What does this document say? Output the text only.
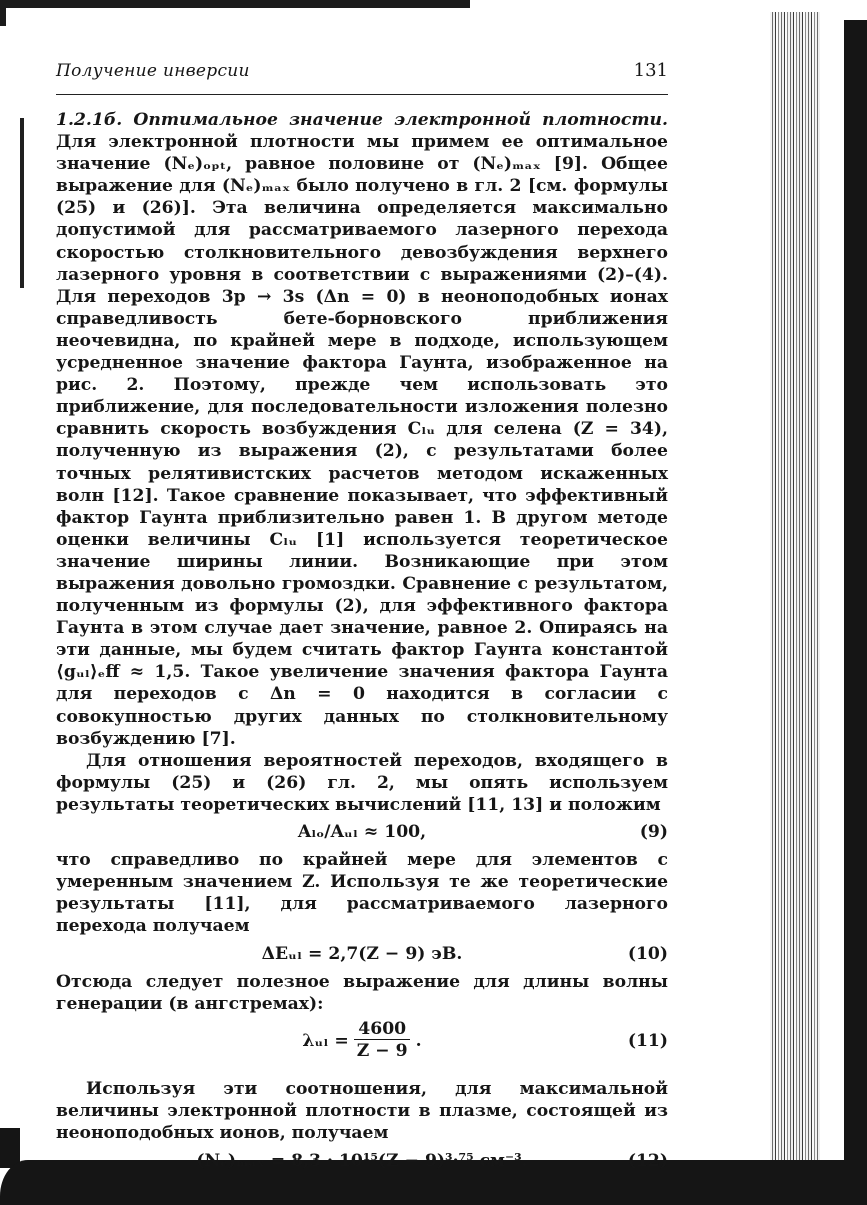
Получение инверсии	131

1.2.1б. Оптимальное значение электронной плотности. Для электронной плотности мы примем ее оптимальное значение (Nₑ)ₒₚₜ, равное половине от (Nₑ)ₘₐₓ [9]. Общее выражение для (Nₑ)ₘₐₓ было получено в гл. 2 [см. формулы (25) и (26)]. Эта величина определяется максимально допустимой для рассматриваемого лазерного перехода скоростью столкновительного девозбуждения верхнего лазерного уровня в соответствии с выражениями (2)–(4). Для переходов 3p → 3s (Δn = 0) в неоноподобных ионах справедливость бете-борновского приближения неочевидна, по крайней мере в подходе, использующем усредненное значение фактора Гаунта, изображенное на рис. 2. Поэтому, прежде чем использовать это приближение, для последовательности изложения полезно сравнить скорость возбуждения Cₗᵤ для селена (Z = 34), полученную из выражения (2), с результатами более точных релятивистских расчетов методом искаженных волн [12]. Такое сравнение показывает, что эффективный фактор Гаунта приблизительно равен 1. В другом методе оценки величины Cₗᵤ [1] используется теоретическое значение ширины линии. Возникающие при этом выражения довольно громоздки. Сравнение с результатом, полученным из формулы (2), для эффективного фактора Гаунта в этом случае дает значение, равное 2. Опираясь на эти данные, мы будем считать фактор Гаунта константой ⟨gᵤₗ⟩ₑff ≈ 1,5. Такое увеличение значения фактора Гаунта для переходов с Δn = 0 находится в согласии с совокупностью других данных по столкновительному возбуждению [7].

Для отношения вероятностей переходов, входящего в формулы (25) и (26) гл. 2, мы опять используем результаты теоретических вычислений [11, 13] и положим

Aₗₒ/Aᵤₗ ≈ 100,	(9)

что справедливо по крайней мере для элементов с умеренным значением Z. Используя те же теоретические результаты [11], для рассматриваемого лазерного перехода получаем

ΔEᵤₗ = 2,7(Z − 9) эВ.	(10)

Отсюда следует полезное выражение для длины волны генерации (в ангстремах):

λᵤₗ = $\frac{4600}{Z - 9}$ .	(11)

Используя эти соотношения, для максимальной величины электронной плотности в плазме, состоящей из неоноподобных ионов, получаем

(Nₑ)ₘₐₓ = 8,3 · 10¹⁵(Z − 9)³·⁷⁵ см⁻³.	(12)
